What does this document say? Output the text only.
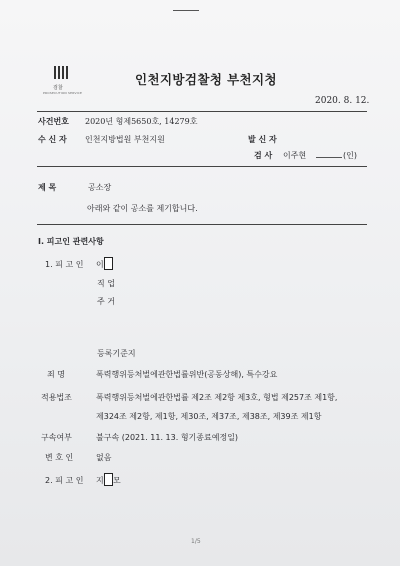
검찰
PROSECUTION SERVICE
인천지방검찰청 부천지청
2020. 8. 12.
사건번호 2020년 형제5650호, 14279호
수 신 자 인천지방법원 부천지원	발 신 자
검 사 이주현	(인)
제 목	공소장
아래와 같이 공소를 제기합니다.
Ⅰ. 피고인 관련사항
1. 피 고 인 이
직 업
주 거
등록기준지
죄 명	폭력행위등처벌에관한법률위반(공동상해), 특수강요
적용법조	폭력행위등처벌에관한법률 제2조 제2항 제3호, 형법 제257조 제1항,
제324조 제2항, 제1항, 제30조, 제37조, 제38조, 제39조 제1항
구속여부	불구속 (2021. 11. 13. 형기종료예정일)
변 호 인	없음
2. 피 고 인 지 모
1/5
